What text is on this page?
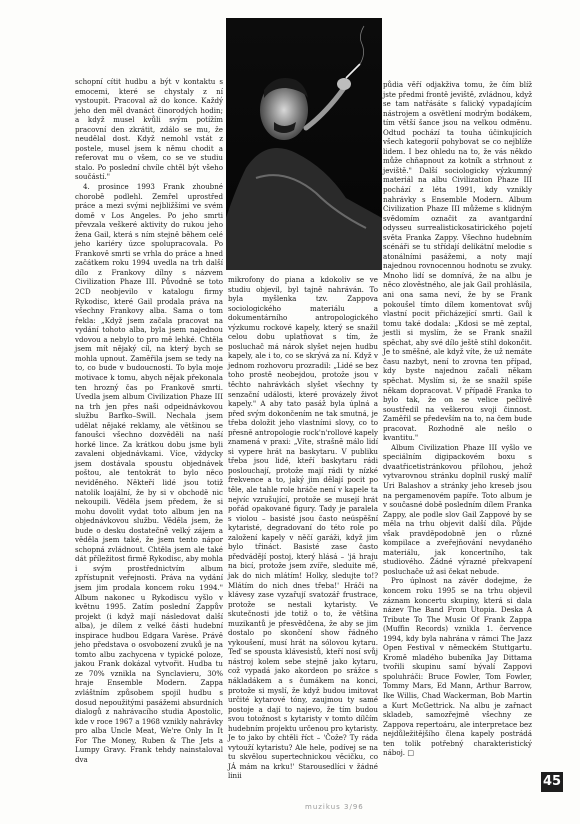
schopní cítit hudbu a být v kontaktu s emocemi, které se chystaly z ní vystoupit. Pracoval až do konce. Každý jeho den měl dvanáct činorodých hodin; a když musel kvůli svým potížím pracovní den zkrátit, zdálo se mu, že neudělal dost. Když nemohl vstát z postele, musel jsem k němu chodit a referovat mu o všem, co se ve studiu stalo. Po poslední chvíle chtěl být všeho součástí."

4. prosince 1993 Frank zhoubné chorobě podlehl. Zemřel uprostřed práce a mezi svými nejbližšími ve svém domě v Los Angeles. Po jeho smrti převzala veškeré aktivity do rukou jeho žena Gail, která s ním stejně během celé jeho kariéry úzce spolupracovala. Po Frankově smrti se vrhla do práce a hned začátkem roku 1994 uvedla na trh další dílo z Frankovy dílny s názvem Civilization Phaze III. Původně se toto 2CD neobjevilo v katalogu firmy Rykodisc, které Gail prodala práva na všechny Frankovy alba. Sama o tom řekla: „Když jsem začala pracovat na vydání tohoto alba, byla jsem najednou vdovou a nebylo to pro mě lehké. Chtěla jsem mít nějaký cíl, na který bych se mohla upnout. Zaměřila jsem se tedy na to, co bude v budoucnosti. To byla moje motivace k tomu, abych nějak překonala ten hrozný čas po Frankově smrti. Uvedla jsem album Civilization Phaze III na trh jen přes naši odpeidnávkovou službu Barfko–Swill. Nechala jsem udělat nějaké reklamy, ale většinou se fanoušci všechno dozvěděli na naší horké lince. Za krátkou dobu jsme byli zavaleni objednávkami. Více, vždycky jsem dostávala spoustu objednávek poštou, ale tentokrát to bylo něco neviděného. Někteří lidé jsou totiž natolik loajální, že by si v obchodě nic nekoupili. Věděla jsem předem, že si mohu dovolit vydat toto album jen na objednávkovou službu. Věděla jsem, že bude o desku dostatečně velký zájem a věděla jsem také, že jsem tento nápor schopná zvládnout. Chtěla jsem ale také dát příležitost firmě Rykodisc, aby mohla i svým prostřednictvím album zpřístupnit veřejnosti. Práva na vydání jsem jim prodala koncem roku 1994." Album nakonec u Rykodiscu vyšlo v květnu 1995. Zatím poslední Zappův projekt (i když mají následovat další alba), je dílem z velké části hudební inspirace hudbou Edgara Varèse. Právě jeho představa o osvobození zvuků je na tomto albu zachycena v typické poloze, jakou Frank dokázal vytvořit. Hudba tu ze 70% vznikla na Synclavieru, 30% hraje Ensemble Modern. Zappa zvláštním způsobem spojil hudbu s dosud nepoužitými pasážemi absurdních dialogů z nahrávacího studia Apostolic, kde v roce 1967 a 1968 vznikly nahrávky pro alba Uncle Meat, We're Only In It For The Money, Ruben & The Jets a Lumpy Gravy. Frank tehdy nainstaloval dva

mikrofony do piana a kdokoliv se ve studiu objevil, byl tajně nahráván. To byla myšlenka tzv. Zappova sociologického materiálu a dokumentárního antropologického výzkumu rockové kapely, který se snažil celou dobu uplatňovat s tím, že posluchač má nárok slyšet nejen hudbu kapely, ale i to, co se skrývá za ní. Když v jednom rozhovoru prozradil: „Lidé se bez toho prostě neobejdou, protože jsou v těchto nahrávkách slyšet všechny ty senzační události, které provázely život kapely." A aby tato pasáž byla úplná a před svým dokončením ne tak smutná, je třeba doložit jeho vlastními slovy, co to přesně antropologie rock'n'rollové kapely znamená v praxi: „Víte, strašně málo lidí si vypere hrát na baskytaru. V publiku třeba jsou lidé, kteří baskytaru rádi poslouchají, protože mají rádi ty nízké frekvence a to, jaký jim dělají pocit po těle, ale tahle role hráče není v kapele ta nejvíc vzrušující, protože se musejí hrát pořád opakované figury. Tady je paralela s violou – basisté jsou často neúspěšní kytaristé, degradovaní do této role po založení kapely v něčí garáži, když jim bylo třináct. Basisté zase často předvádějí postoj, který hlásá – 'já hraju na bicí, protože jsem zvíře, sleduite mě, jak do nich mlátím! Holky, sledujte to!? Mlátím do nich dnes třeba!' Hráči na klávesy zase vyzařují svatozář frustrace, protože se nestali kytaristy. Ve skutečnosti jde totiž o to, že většina muzikantů je přesvědčena, že aby se jim dostalo po skončení show řádného vykoušení, musí hrát na sólovou kytaru. Teď se spousta klávesistů, kteří nosí svůj nástroj kolem sebe stejně jako kytaru, což vypadá jako akordeon po srážce s nákladákem a s čumákem na konci, protože si myslí, že když budou imitovat určité kytarové tóny, zaujmou ty samé postoje a dají to najevo, že tím budou svou totožnost s kytaristy v tomto dílčím hudebním projektu určenou pro kytaristy. Je to jako by chtěli říct – 'Čože? Ty ráda vytouží kytaristu? Ale hele, podívej se na tu skvělou supertechnickou věcičku, co JÁ mám na krku!' Starousedlíci v žádné linii

půdia věří odjakživa tomu, že čím blíž jste předmi frontě jeviště, zvládnou, když se tam natřásáte s falický vypadajícím nástrojem a osvětlení modrým bodákem, tím větší šance jsou na velkou odměnu. Odtud pochází ta touha účinkujících všech kategorií pohybovat se co nejblíže lidem. I bez ohledu na to, že vás někdo může chňapnout za kotník a strhnout z jeviště." Další sociologicky výzkumný materiál na albu Civilization Phaze III pochází z léta 1991, kdy vznikly nahrávky s Ensemble Modern. Album Civilization Phaze III můžeme s klidným svědomím označit za avantgardní odysseu surrealistickosatirického pojetí světa Franka Zappy. Všechno hudebním scénáři se tu střídají delikátní melodie s atonálními pasážemi, a noty mají najednou rovnocennou hodnotu se zvuky. Mnoho lidí se domnívá, že na albu je něco zlověstného, ale jak Gail prohlásila, ani ona sama neví, že by se Frank pokoušel tímto dílem komentovat svůj vlastní pocit přicházející smrti. Gail k tomu také dodala: „Kdosi se mě zeptal, jestli si myslím, že se Frank snažil spěchat, aby své dílo ještě stihl dokončit. Je to směšné, ale když víte, že už nemáte času nazbyt, není to zrovna ten případ, kdy byste najednou začali někam spěchat. Myslím si, že se snažil spíše někam dopracovat. V případě Franka to bylo tak, že on se velice pečlivě soustředil na veškerou svoji činnost. Zaměřil se především na to, na čem bude pracovat. Rozhodně ale nešlo o kvantitu."

Album Civilization Phaze III vyšlo ve speciálním digipackovém boxu s dvaatřicetistránkovou přílohou, jehož vytvarovnou stránku doplnil ruský malíř Uri Balashov a stránky jeho kreseb jsou na pergamenovém papíře. Toto album je v současné době posledním dílem Franka Zappy, ale podle slov Gail Zappové by se měla na trhu objevit další díla. Půjde však pravděpodobně jen o různé kompilace a zveřejňování nevydaného materiálu, jak koncertního, tak studiového. Žádné výrazné překvapení posluchače už asi čekat nebude.

Pro úplnost na závěr dodejme, že koncem roku 1995 se na trhu objevil záznam koncertu skupiny, která si dala název The Band From Utopia. Deska A Tribute To The Music Of Frank Zappa (Muffin Records) vznikla 1. července 1994, kdy byla nahrána v rámci The Jazz Open Festival v německém Stuttgartu. Kromě mladého bubeníka Jay Dittama tvořili skupinu samí bývalí Zappovi spoluhráči: Bruce Fowler, Tom Fowler, Tommy Mars, Ed Mann, Arthur Barrow, Ike Willis, Chad Wackerman, Bob Martin a Kurt McGettrick. Na albu je zařnact skladeb, samozřejmě všechny ze Zappova repertoáru, ale interpretace bez nejdůležitějšího člena kapely postrádá ten tolik potřebný charakteristický náboj. □

muzikus 3/96
45
